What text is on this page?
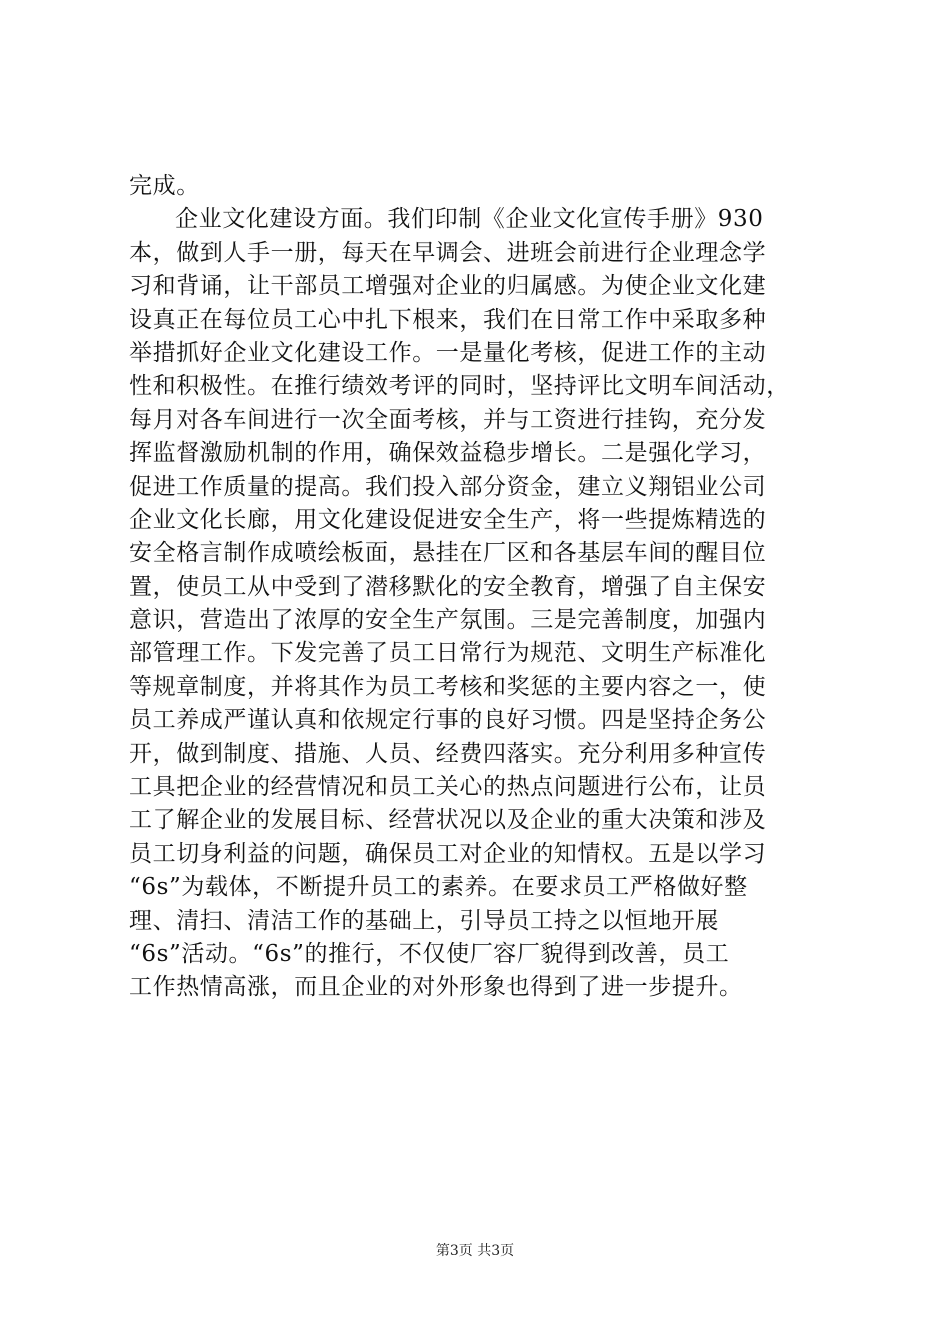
完成。
企业文化建设方面。我们印制《企业文化宣传手册》930
本，做到人手一册，每天在早调会、进班会前进行企业理念学
习和背诵，让干部员工增强对企业的归属感。为使企业文化建
设真正在每位员工心中扎下根来，我们在日常工作中采取多种
举措抓好企业文化建设工作。一是量化考核，促进工作的主动
性和积极性。在推行绩效考评的同时，坚持评比文明车间活动，
每月对各车间进行一次全面考核，并与工资进行挂钩，充分发
挥监督激励机制的作用，确保效益稳步增长。二是强化学习，
促进工作质量的提高。我们投入部分资金，建立义翔铝业公司
企业文化长廊，用文化建设促进安全生产，将一些提炼精选的
安全格言制作成喷绘板面，悬挂在厂区和各基层车间的醒目位
置，使员工从中受到了潜移默化的安全教育，增强了自主保安
意识，营造出了浓厚的安全生产氛围。三是完善制度，加强内
部管理工作。下发完善了员工日常行为规范、文明生产标准化
等规章制度，并将其作为员工考核和奖惩的主要内容之一，使
员工养成严谨认真和依规定行事的良好习惯。四是坚持企务公
开，做到制度、措施、人员、经费四落实。充分利用多种宣传
工具把企业的经营情况和员工关心的热点问题进行公布，让员
工了解企业的发展目标、经营状况以及企业的重大决策和涉及
员工切身利益的问题，确保员工对企业的知情权。五是以学习
“6s”为载体，不断提升员工的素养。在要求员工严格做好整
理、清扫、清洁工作的基础上，引导员工持之以恒地开展
“6s”活动。“6s”的推行，不仅使厂容厂貌得到改善，员工
工作热情高涨，而且企业的对外形象也得到了进一步提升。
第3页 共3页
